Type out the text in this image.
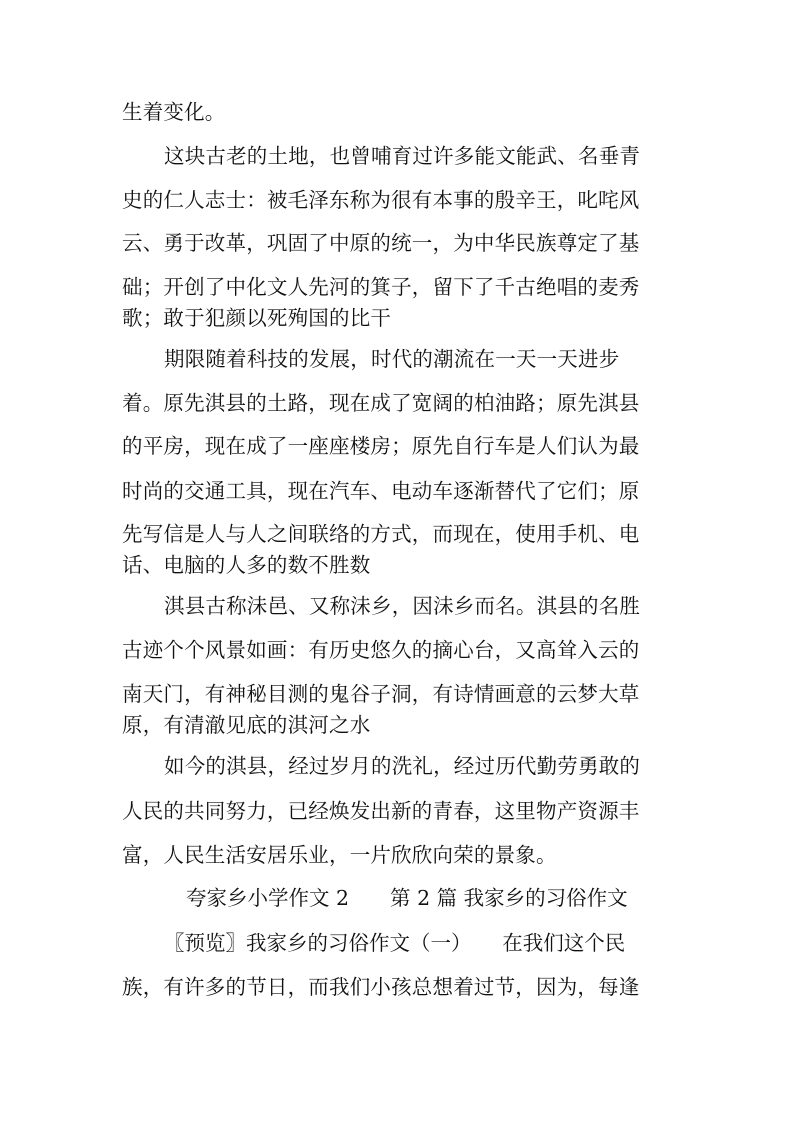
生着变化。
这块古老的土地，也曾哺育过许多能文能武、名垂青
史的仁人志士：被毛泽东称为很有本事的殷辛王，叱咤风
云、勇于改革，巩固了中原的统一，为中华民族尊定了基
础；开创了中化文人先河的箕子，留下了千古绝唱的麦秀
歌；敢于犯颜以死殉国的比干
期限随着科技的发展，时代的潮流在一天一天进步
着。原先淇县的土路，现在成了宽阔的柏油路；原先淇县
的平房，现在成了一座座楼房；原先自行车是人们认为最
时尚的交通工具，现在汽车、电动车逐渐替代了它们；原
先写信是人与人之间联络的方式，而现在，使用手机、电
话、电脑的人多的数不胜数
淇县古称沬邑、又称沬乡，因沬乡而名。淇县的名胜
古迹个个风景如画：有历史悠久的摘心台，又高耸入云的
南天门，有神秘目测的鬼谷子洞，有诗情画意的云梦大草
原，有清澈见底的淇河之水
如今的淇县，经过岁月的洗礼，经过历代勤劳勇敢的
人民的共同努力，已经焕发出新的青春，这里物产资源丰
富，人民生活安居乐业，一片欣欣向荣的景象。
夸家乡小学作文 2　　第 2 篇 我家乡的习俗作文
〖预览〗我家乡的习俗作文（一）　　在我们这个民
族，有许多的节日，而我们小孩总想着过节，因为，每逢
